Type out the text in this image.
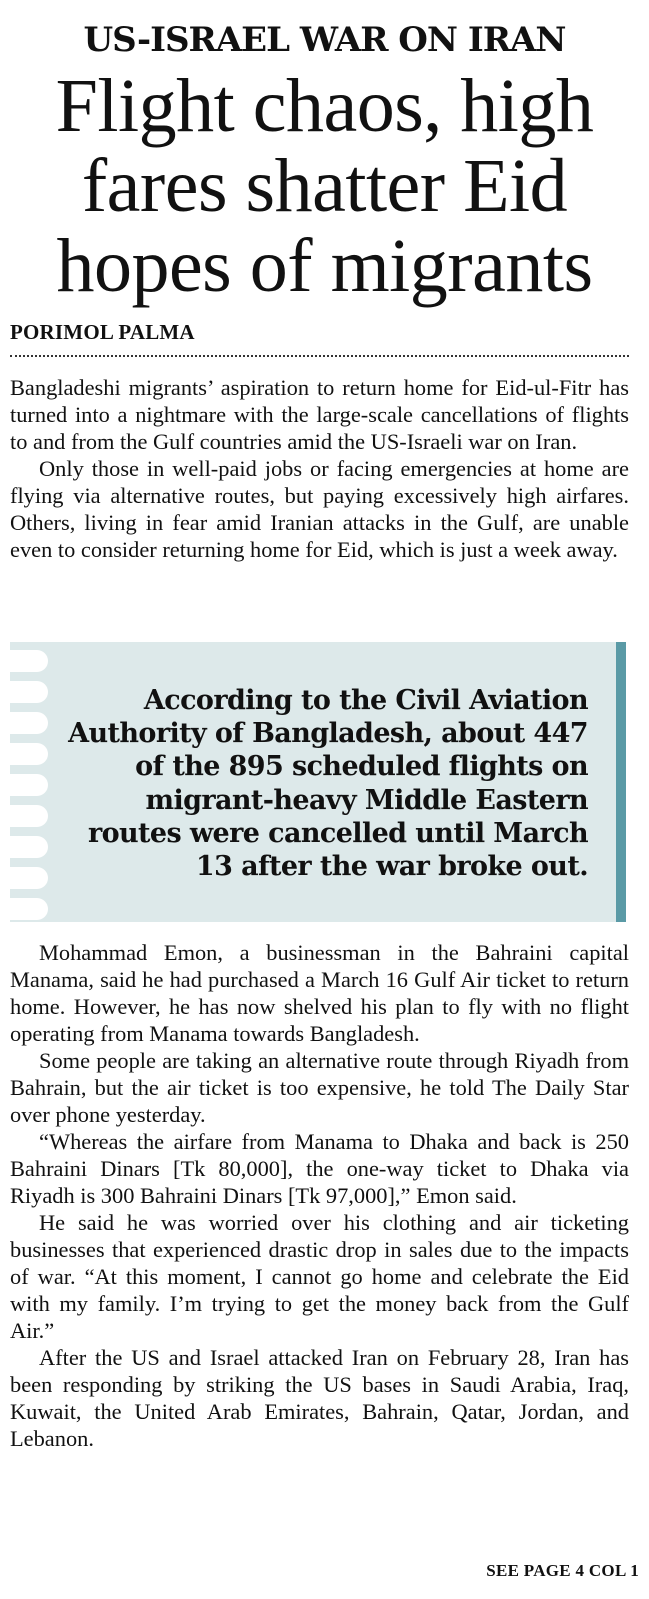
US-ISRAEL WAR ON IRAN
Flight chaos, high
fares shatter Eid
hopes of migrants
PORIMOL PALMA

Bangladeshi migrants’ aspiration to return home for Eid-ul-Fitr has turned into a nightmare with the large-scale cancellations of flights to and from the Gulf countries amid the US-Israeli war on Iran.

Only those in well-paid jobs or facing emergencies at home are flying via alternative routes, but paying excessively high airfares. Others, living in fear amid Iranian attacks in the Gulf, are unable even to consider returning home for Eid, which is just a week away.

According to the Civil Aviation Authority of Bangladesh, about 447 of the 895 scheduled flights on migrant-heavy Middle Eastern routes were cancelled until March 13 after the war broke out.

Mohammad Emon, a businessman in the Bahraini capital Manama, said he had purchased a March 16 Gulf Air ticket to return home. However, he has now shelved his plan to fly with no flight operating from Manama towards Bangladesh.

Some people are taking an alternative route through Riyadh from Bahrain, but the air ticket is too expensive, he told The Daily Star over phone yesterday.

“Whereas the airfare from Manama to Dhaka and back is 250 Bahraini Dinars [Tk 80,000], the one-way ticket to Dhaka via Riyadh is 300 Bahraini Dinars [Tk 97,000],” Emon said.

He said he was worried over his clothing and air ticketing businesses that experienced drastic drop in sales due to the impacts of war. “At this moment, I cannot go home and celebrate the Eid with my family. I’m trying to get the money back from the Gulf Air.”

After the US and Israel attacked Iran on February 28, Iran has been responding by striking the US bases in Saudi Arabia, Iraq, Kuwait, the United Arab Emirates, Bahrain, Qatar, Jordan, and Lebanon.

SEE PAGE 4 COL 1
